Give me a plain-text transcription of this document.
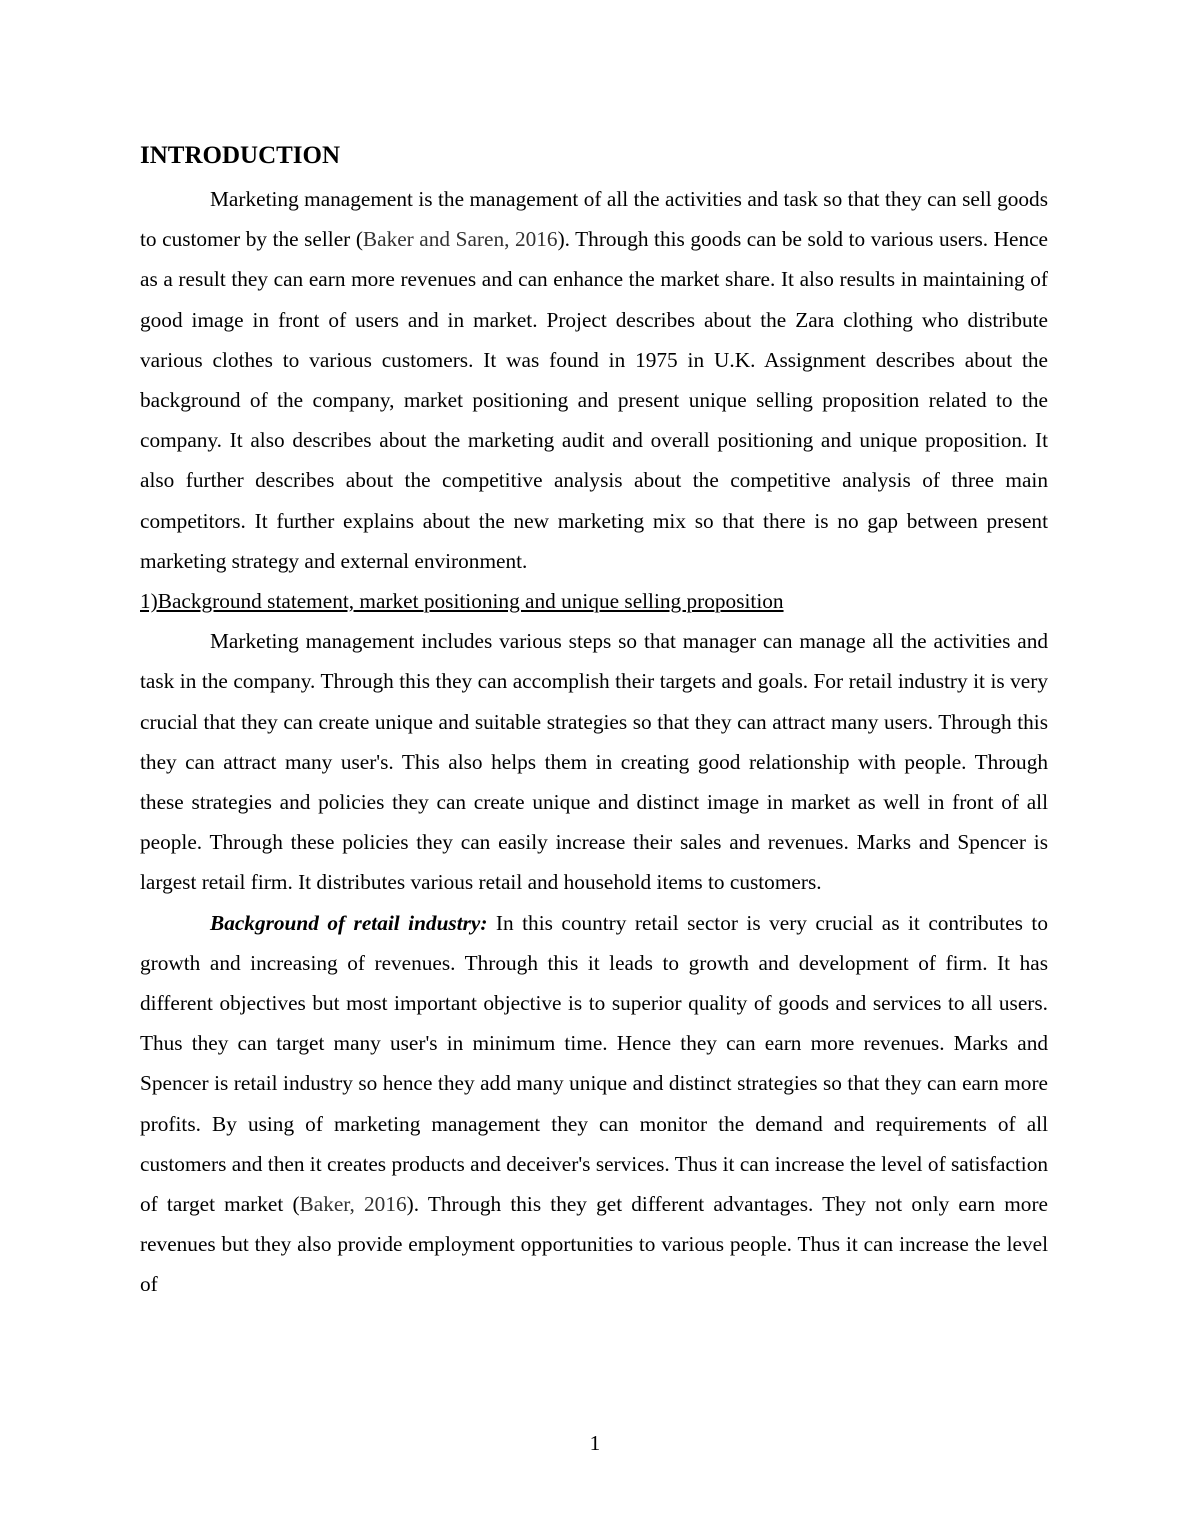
INTRODUCTION

Marketing management is the management of all the activities and task so that they can sell goods to customer by the seller (Baker and Saren, 2016). Through this goods can be sold to various users. Hence as a result they can earn more revenues and can enhance the market share. It also results in maintaining of good image in front of users and in market. Project describes about the Zara clothing who distribute various clothes to various customers. It was found in 1975 in U.K. Assignment describes about the background of the company, market positioning and present unique selling proposition related to the company. It also describes about the marketing audit and overall positioning and unique proposition. It also further describes about the competitive analysis about the competitive analysis of three main competitors. It further explains about the new marketing mix so that there is no gap between present marketing strategy and external environment.

1)Background statement, market positioning and unique selling proposition

Marketing management includes various steps so that manager can manage all the activities and task in the company. Through this they can accomplish their targets and goals. For retail industry it is very crucial that they can create unique and suitable strategies so that they can attract many users. Through this they can attract many user's. This also helps them in creating good relationship with people. Through these strategies and policies they can create unique and distinct image in market as well in front of all people. Through these policies they can easily increase their sales and revenues. Marks and Spencer is largest retail firm. It distributes various retail and household items to customers.

Background of retail industry: In this country retail sector is very crucial as it contributes to growth and increasing of revenues. Through this it leads to growth and development of firm. It has different objectives but most important objective is to superior quality of goods and services to all users. Thus they can target many user's in minimum time. Hence they can earn more revenues. Marks and Spencer is retail industry so hence they add many unique and distinct strategies so that they can earn more profits. By using of marketing management they can monitor the demand and requirements of all customers and then it creates products and deceiver's services. Thus it can increase the level of satisfaction of target market (Baker, 2016). Through this they get different advantages. They not only earn more revenues but they also provide employment opportunities to various people. Thus it can increase the level of

1
